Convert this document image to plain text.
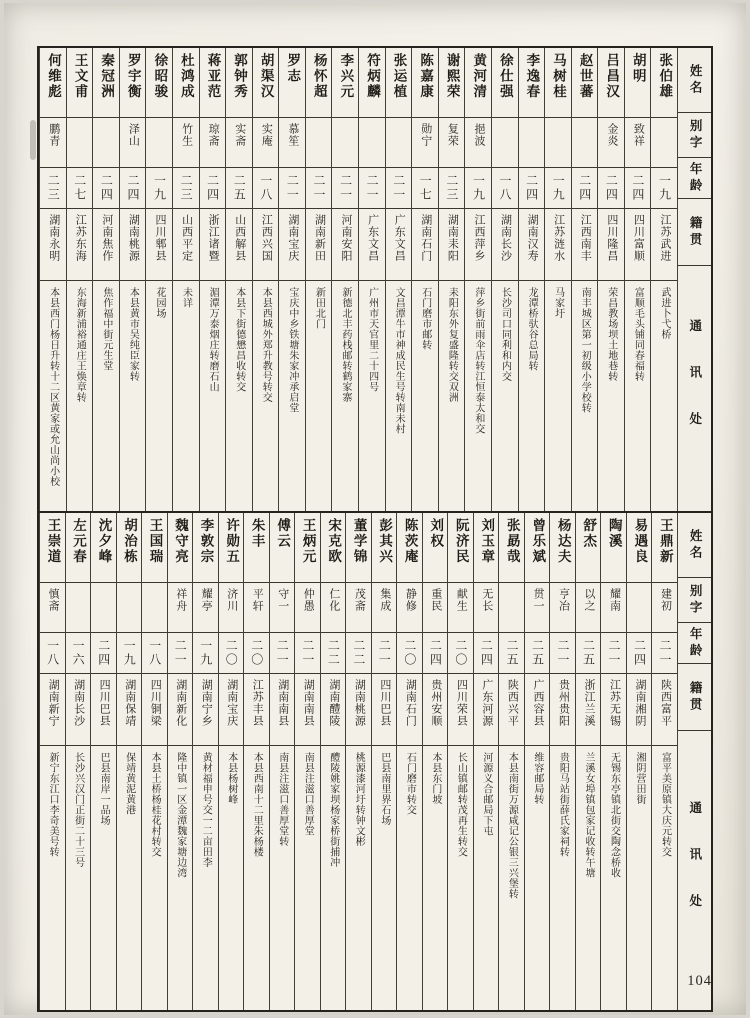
姓名
别字
年龄
籍贯
通讯处
张伯雄
一九
江苏武进
武进卜弋桥
胡明
致祥
二四
四川富顺
富顺毛头铺同春福转
吕昌汉
金炎
二四
四川隆昌
荣昌教场坝土地巷转
赵世蕃
二四
江西南丰
南丰城区第一初级小学校转
马树桂
一九
江苏涟水
马家圩
李逸春
二四
湖南汉寿
龙潭桥驮谷总局转
徐仕强
一八
湖南长沙
长沙司口同利和内交
黄河清
挹波
一九
江西萍乡
萍乡街前雨伞店转江恒泰太和交
谢熙荣
复荣
二三
湖南耒阳
耒阳东外复盛隆转交双洲
陈嘉康
勋宁
一七
湖南石门
石门磨市邮转
张运植
二一
广东文昌
文昌潭牛市神成民生号转南未村
符炳麟
二一
广东文昌
广州市天官里二十四号
李兴元
二一
河南安阳
新德北丰药栈邮转鹤家寨
杨怀超
二一
湖南新田
新田北门
罗志
慕笙
二一
湖南宝庆
宝庆中乡铁塘朱家冲承启堂
胡渠汉
实庵
一八
江西兴国
本县西城外郑升教号转交
郭钟秀
实斋
二五
山西解县
本县下街德懋昌收转交
蒋亚范
琼斋
二四
浙江诸暨
湄潭万泰烟庄转磨石山
杜鸿成
竹生
二三
山西平定
未详
徐昭骏
一九
四川郫县
花园场
罗宇衡
泽山
二四
湖南桃源
本县黄市吴纯臣家转
秦冠洲
二四
河南焦作
焦作福中街元生堂
王文甫
二七
江苏东海
东海新浦裕通庄王焕章转
何维彪
鹏青
二三
湖南永明
本县西门杨日升转十二区黄家或允山尚小校
姓名
别字
年龄
籍贯
通讯处
王鼎新
建初
二一
陕西富平
富平美原镇大庆元转交
易遇良
二四
湖南湘阴
湘阴营田街
陶溪
耀南
二一
江苏无锡
无锡东亭镇北街交陶念桥收
舒杰
以之
二五
浙江兰溪
兰溪女埠镇包家记收转午塘
杨达夫
亨冶
二一
贵州贵阳
贵阳马站街薛氏家祠转
曾乐斌
贯一
二五
广西容县
维容邮局转
张勗哉
二五
陕西兴平
本县南街万源咸记公银三兴堡转
刘玉章
无长
二四
广东河源
河源义合邮局下屯
阮济民
献生
二〇
四川荣县
长山镇邮转茂再生转交
刘权
重民
二四
贵州安顺
本县东门坡
陈茨庵
静修
二〇
湖南石门
石门磨市转交
彭其兴
集成
二一
四川巴县
巴县南里界石场
董学锦
茂斋
二二
湖南桃源
桃源漆河圩转钟文彬
宋克欧
仁化
二二
湖南醴陵
醴陵姚家坝杨家桥街捕冲
王炳元
仲愚
二一
湖南南县
南县注滋口善厚堂
傅云
守一
二一
湖南南县
南县注滋口善厚堂转
朱丰
平轩
二〇
江苏丰县
本县西南十二里朱杨楼
许勋五
济川
二〇
湖南宝庆
本县杨树峰
李敦宗
耀亭
一九
湖南宁乡
黄材福申号交一二亩田李
魏守亮
祥舟
二一
湖南新化
隆中镇一区金潭魏家塘边湾
王国瑞
一八
四川铜梁
本县土桥杨桂花村转交
胡治栋
一九
湖南保靖
保靖黄泥黄港
沈夕峰
二四
四川巴县
巴县南岸一品场
左元春
一六
湖南长沙
长沙兴汉门正街二十三号
王崇道
慎斋
一八
湖南新宁
新宁东江口李奇美号转
104
